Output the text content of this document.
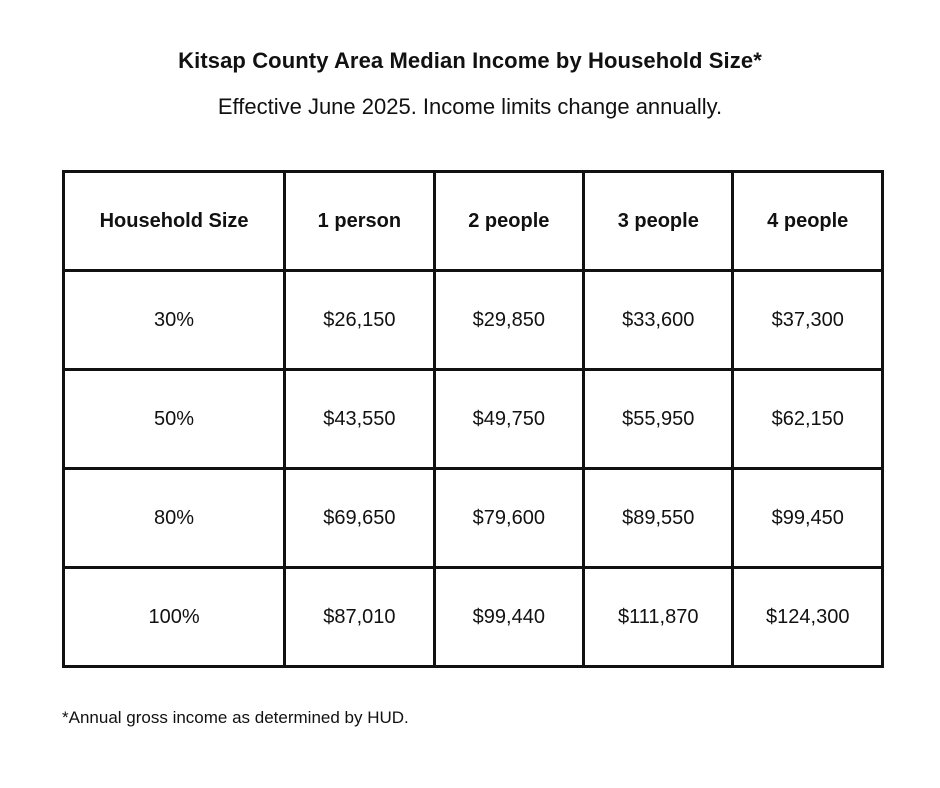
Kitsap County Area Median Income by Household Size*
Effective June 2025. Income limits change annually.
Household Size	1 person	2 people	3 people	4 people
30%	$26,150	$29,850	$33,600	$37,300
50%	$43,550	$49,750	$55,950	$62,150
80%	$69,650	$79,600	$89,550	$99,450
100%	$87,010	$99,440	$111,870	$124,300
*Annual gross income as determined by HUD.
